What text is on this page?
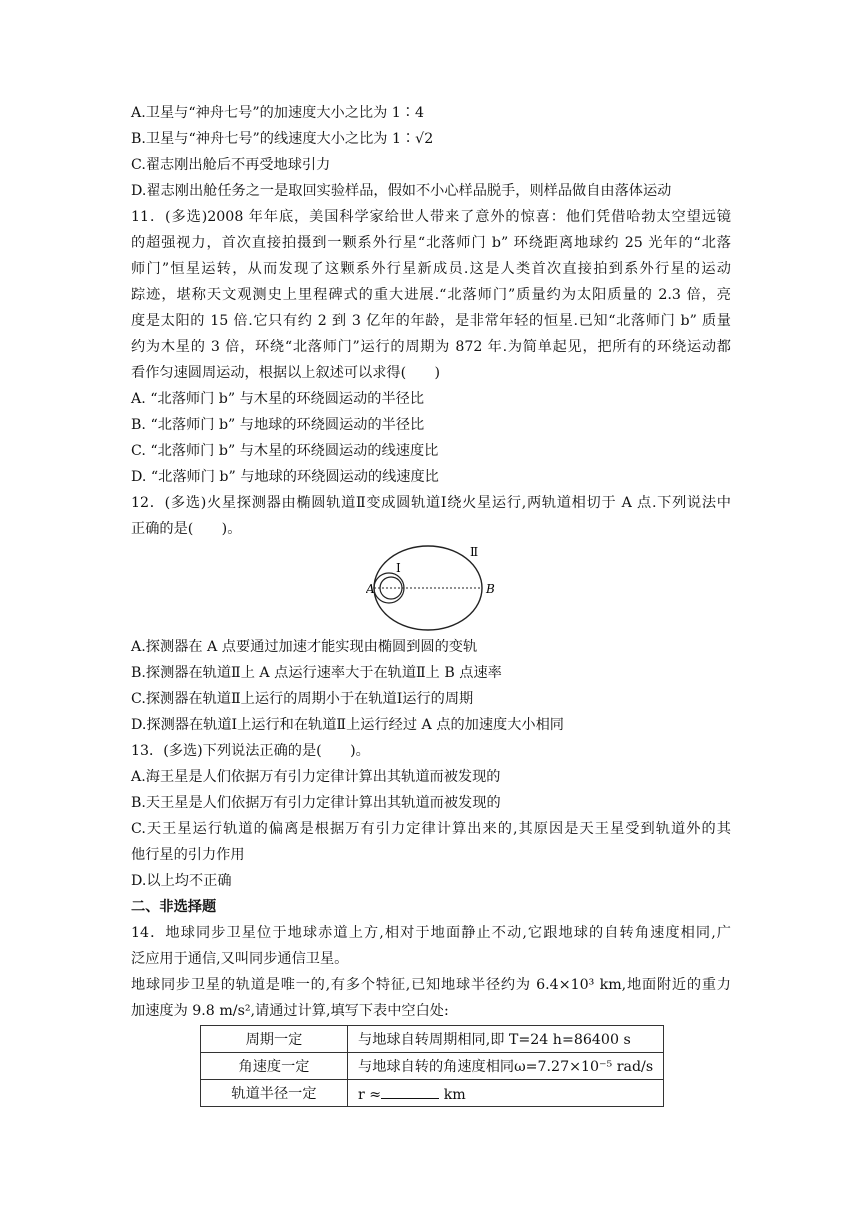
A.卫星与“神舟七号”的加速度大小之比为 1∶4
B.卫星与“神舟七号”的线速度大小之比为 1∶√2
C.翟志刚出舱后不再受地球引力
D.翟志刚出舱任务之一是取回实验样品，假如不小心样品脱手，则样品做自由落体运动
11．(多选)2008 年年底，美国科学家给世人带来了意外的惊喜：他们凭借哈勃太空望远镜
的超强视力，首次直接拍摄到一颗系外行星“北落师门 b” 环绕距离地球约 25 光年的“北落
师门”恒星运转，从而发现了这颗系外行星新成员.这是人类首次直接拍到系外行星的运动
踪迹，堪称天文观测史上里程碑式的重大进展.“北落师门”质量约为太阳质量的 2.3 倍，亮
度是太阳的 15 倍.它只有约 2 到 3 亿年的年龄，是非常年轻的恒星.已知“北落师门 b” 质量
约为木星的 3 倍，环绕“北落师门”运行的周期为 872 年.为简单起见，把所有的环绕运动都
看作匀速圆周运动，根据以上叙述可以求得(　　)
A. “北落师门 b” 与木星的环绕圆运动的半径比
B. “北落师门 b” 与地球的环绕圆运动的半径比
C. “北落师门 b” 与木星的环绕圆运动的线速度比
D. “北落师门 b” 与地球的环绕圆运动的线速度比
12．(多选)火星探测器由椭圆轨道Ⅱ变成圆轨道Ⅰ绕火星运行,两轨道相切于 A 点.下列说法中
正确的是(　　)。
Ⅰ
Ⅱ
A	B
A.探测器在 A 点要通过加速才能实现由椭圆到圆的变轨
B.探测器在轨道Ⅱ上 A 点运行速率大于在轨道Ⅱ上 B 点速率
C.探测器在轨道Ⅱ上运行的周期小于在轨道Ⅰ运行的周期
D.探测器在轨道Ⅰ上运行和在轨道Ⅱ上运行经过 A 点的加速度大小相同
13．(多选)下列说法正确的是(　　)。
A.海王星是人们依据万有引力定律计算出其轨道而被发现的
B.天王星是人们依据万有引力定律计算出其轨道而被发现的
C.天王星运行轨道的偏离是根据万有引力定律计算出来的,其原因是天王星受到轨道外的其
他行星的引力作用
D.以上均不正确
二、非选择题
14．地球同步卫星位于地球赤道上方,相对于地面静止不动,它跟地球的自转角速度相同,广
泛应用于通信,又叫同步通信卫星。
地球同步卫星的轨道是唯一的,有多个特征,已知地球半径约为 6.4×10³ km,地面附近的重力
加速度为 9.8 m/s²,请通过计算,填写下表中空白处:
周期一定	与地球自转周期相同,即 T=24 h=86400 s
角速度一定	与地球自转的角速度相同ω=7.27×10⁻⁵ rad/s
轨道半径一定	r ≈ km
